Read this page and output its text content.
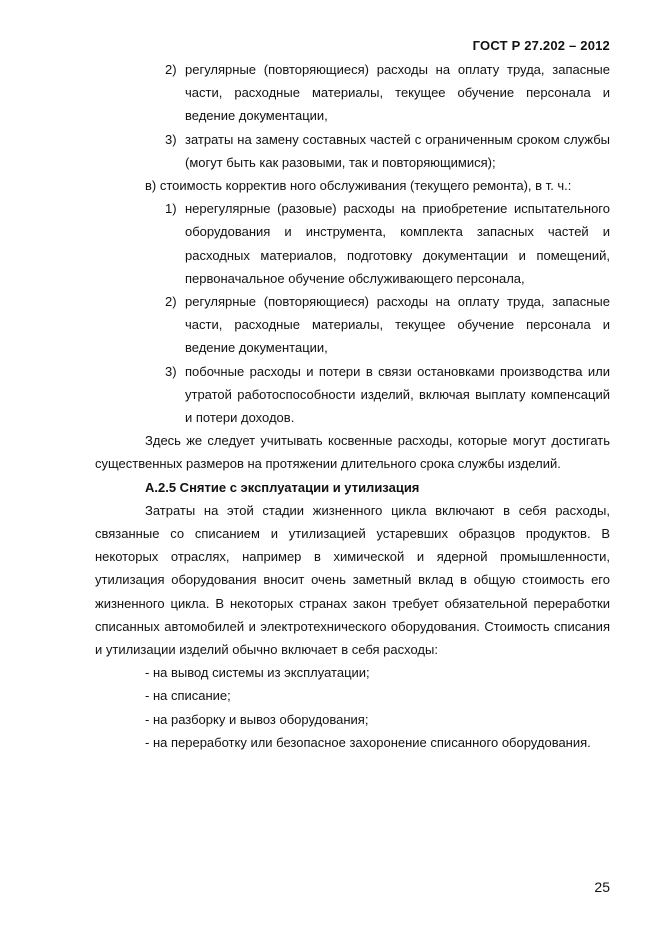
ГОСТ Р 27.202 – 2012
2) регулярные (повторяющиеся) расходы на оплату труда, запасные части, расходные материалы, текущее обучение персонала и ведение документации,
3) затраты на замену составных частей с ограниченным сроком службы (могут быть как разовыми, так и повторяющимися);
в) стоимость корректив ного обслуживания (текущего ремонта), в т. ч.:
1) нерегулярные (разовые) расходы на приобретение испытательного оборудования и инструмента, комплекта запасных частей и расходных материалов, подготовку документации и помещений, первоначальное обучение обслуживающего персонала,
2) регулярные (повторяющиеся) расходы на оплату труда, запасные части, расходные материалы, текущее обучение персонала и ведение документации,
3) побочные расходы и потери в связи остановками производства или утратой работоспособности изделий, включая выплату компенсаций и потери доходов.
Здесь же следует учитывать косвенные расходы, которые могут достигать существенных размеров на протяжении длительного срока службы изделий.
А.2.5 Снятие с эксплуатации и утилизация
Затраты на этой стадии жизненного цикла включают в себя расходы, связанные со списанием и утилизацией устаревших образцов продуктов. В некоторых отраслях, например в химической и ядерной промышленности, утилизация оборудования вносит очень заметный вклад в общую стоимость его жизненного цикла. В некоторых странах закон требует обязательной переработки списанных автомобилей и электротехнического оборудования. Стоимость списания и утилизации изделий обычно включает в себя расходы:
- на вывод системы из эксплуатации;
- на списание;
- на разборку и вывоз оборудования;
- на переработку или безопасное захоронение списанного оборудования.
25
